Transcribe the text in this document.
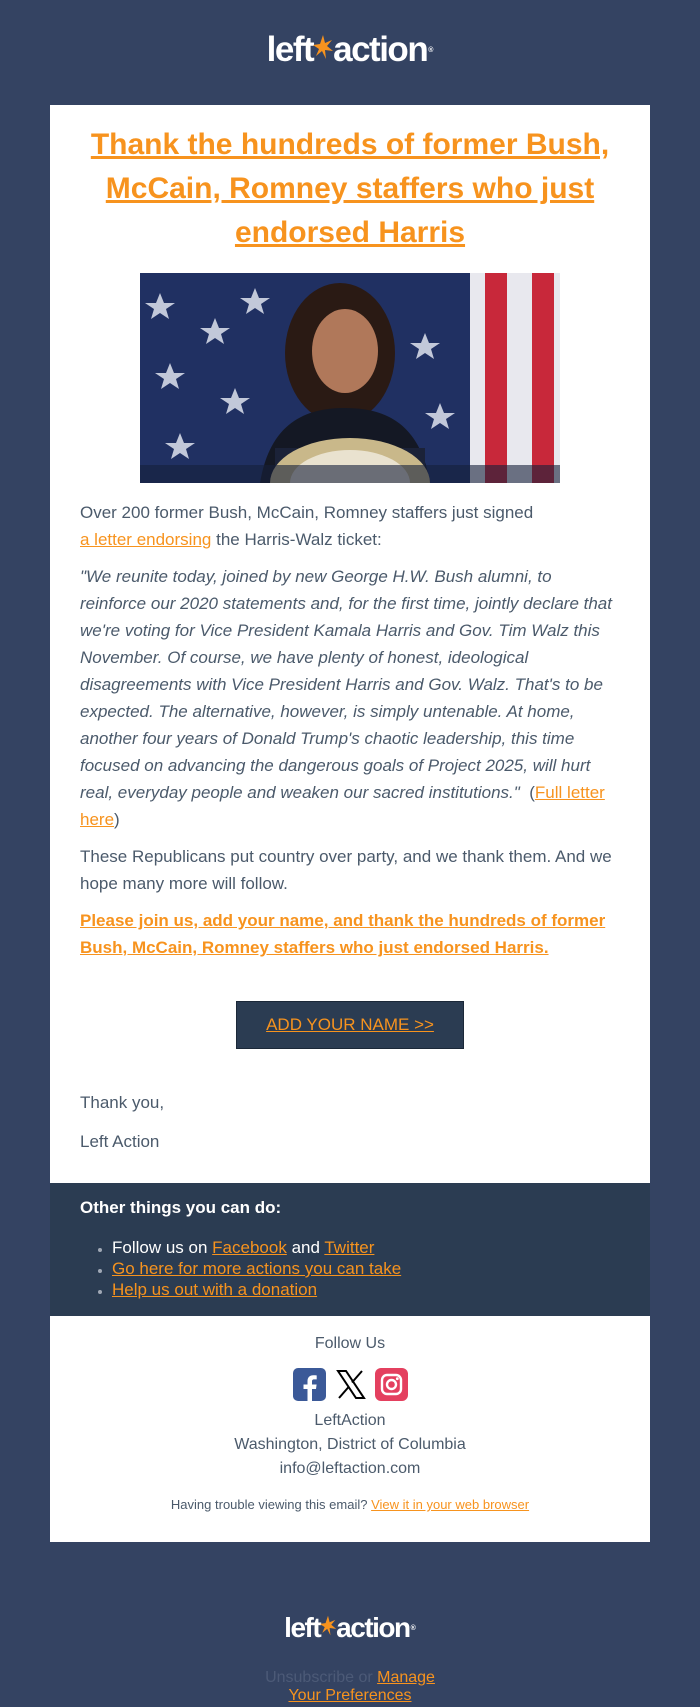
left action ®
Thank the hundreds of former Bush, McCain, Romney staffers who just endorsed Harris

Over 200 former Bush, McCain, Romney staffers just signed
a letter endorsing the Harris-Walz ticket:

"We reunite today, joined by new George H.W. Bush alumni, to reinforce our 2020 statements and, for the first time, jointly declare that we're voting for Vice President Kamala Harris and Gov. Tim Walz this November. Of course, we have plenty of honest, ideological disagreements with Vice President Harris and Gov. Walz. That's to be expected. The alternative, however, is simply untenable. At home, another four years of Donald Trump's chaotic leadership, this time focused on advancing the dangerous goals of Project 2025, will hurt real, everyday people and weaken our sacred institutions." (Full letter here)

These Republicans put country over party, and we thank them. And we hope many more will follow.

Please join us, add your name, and thank the hundreds of former Bush, McCain, Romney staffers who just endorsed Harris.

ADD YOUR NAME >>

Thank you,

Left Action

Other things you can do:
• Follow us on Facebook and Twitter
• Go here for more actions you can take
• Help us out with a donation
Follow Us
LeftAction
Washington, District of Columbia
info@leftaction.com
Having trouble viewing this email? View it in your web browser
left action ®
Unsubscribe or Manage
Your Preferences
